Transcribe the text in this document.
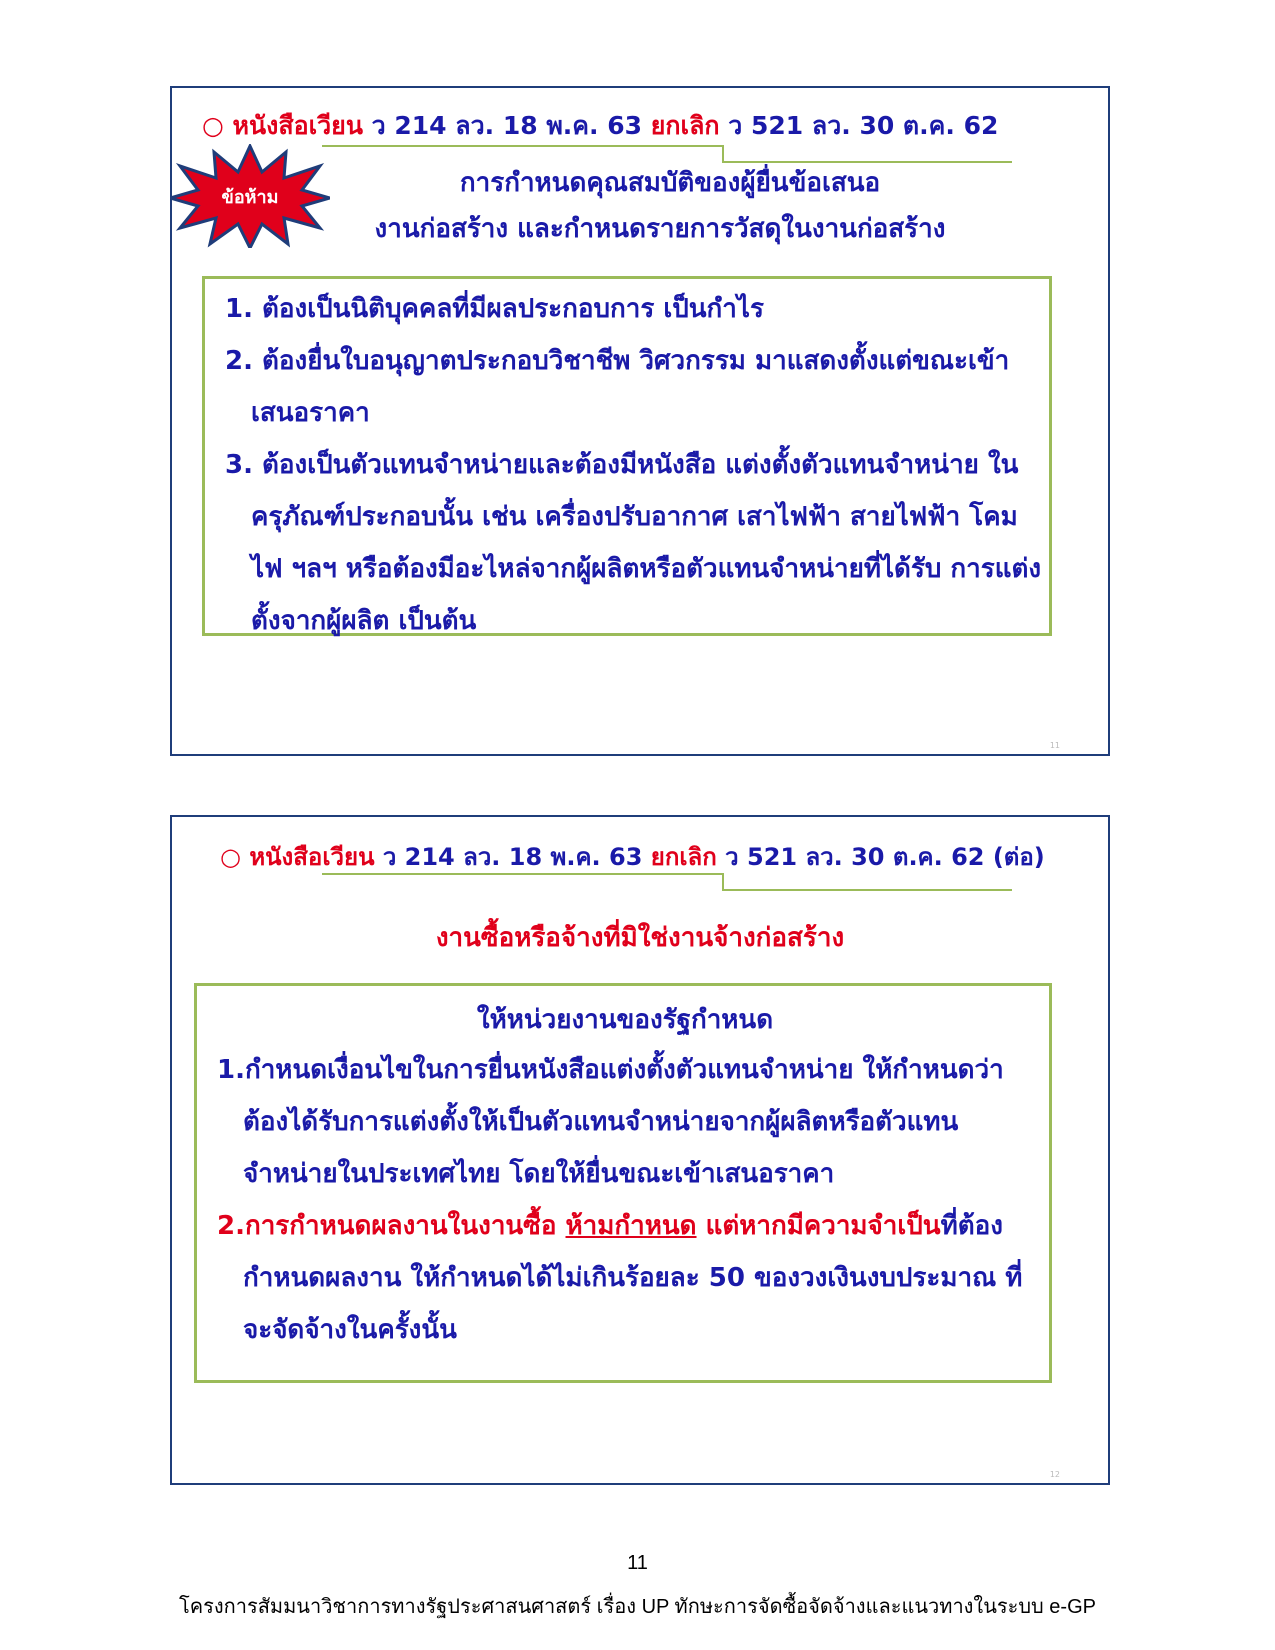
○ หนังสือเวียน ว 214 ลว. 18 พ.ค. 63 ยกเลิก ว 521 ลว. 30 ต.ค. 62
ข้อห้าม	การกำหนดคุณสมบัติของผู้ยื่นข้อเสนอ
งานก่อสร้าง และกำหนดรายการวัสดุในงานก่อสร้าง

1. ต้องเป็นนิติบุคคลที่มีผลประกอบการ เป็นกำไร

2. ต้องยื่นใบอนุญาตประกอบวิชาชีพ วิศวกรรม มาแสดงตั้งแต่ขณะเข้า เสนอราคา

3. ต้องเป็นตัวแทนจำหน่ายและต้องมีหนังสือ แต่งตั้งตัวแทนจำหน่าย ในครุภัณฑ์ประกอบนั้น เช่น เครื่องปรับอากาศ เสาไฟฟ้า สายไฟฟ้า โคมไฟ ฯลฯ หรือต้องมีอะไหล่จากผู้ผลิตหรือตัวแทนจำหน่ายที่ได้รับ การแต่งตั้งจากผู้ผลิต เป็นต้น

11
○ หนังสือเวียน ว 214 ลว. 18 พ.ค. 63 ยกเลิก ว 521 ลว. 30 ต.ค. 62 (ต่อ)
งานซื้อหรือจ้างที่มิใช่งานจ้างก่อสร้าง
ให้หน่วยงานของรัฐกำหนด

1.กำหนดเงื่อนไขในการยื่นหนังสือแต่งตั้งตัวแทนจำหน่าย ให้กำหนดว่า ต้องได้รับการแต่งตั้งให้เป็นตัวแทนจำหน่ายจากผู้ผลิตหรือตัวแทน จำหน่ายในประเทศไทย โดยให้ยื่นขณะเข้าเสนอราคา

2.การกำหนดผลงานในงานซื้อ ห้ามกำหนด แต่หากมีความจำเป็นที่ต้อง กำหนดผลงาน ให้กำหนดได้ไม่เกินร้อยละ 50 ของวงเงินงบประมาณ ที่จะจัดจ้างในครั้งนั้น

12
11
โครงการสัมมนาวิชาการทางรัฐประศาสนศาสตร์ เรื่อง UP ทักษะการจัดซื้อจัดจ้างและแนวทางในระบบ e-GP
